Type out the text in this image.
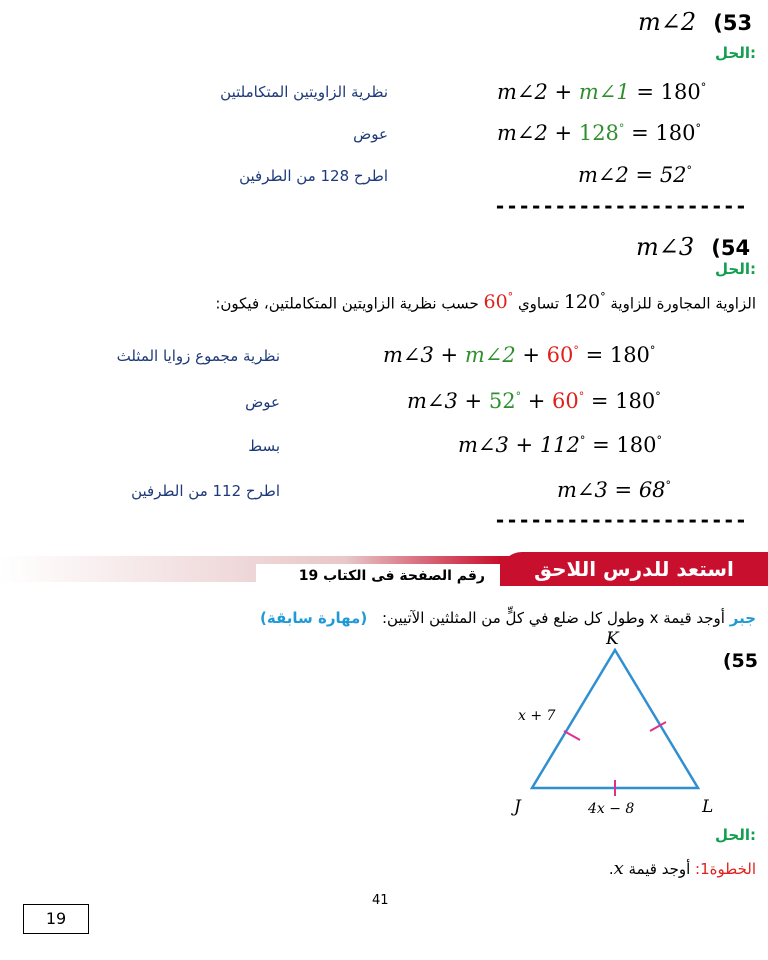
m∠2 (53
الحل:
نظرية الزاويتين المتكاملتين	m∠2 + m∠1 = 180°
عوض	m∠2 + 128° = 180°
اطرح 128 من الطرفين	m∠2 = 52°
---------------------
m∠3 (54
الحل:
الزاوية المجاورة للزاوية °120 تساوي °60 حسب نظرية الزاويتين المتكاملتين، فيكون:
نظرية مجموع زوايا المثلث	m∠3 + m∠2 + 60° = 180°
عوض	m∠3 + 52° + 60° = 180°
بسط	m∠3 + 112° = 180°
اطرح 112 من الطرفين	m∠3 = 68°
---------------------
استعد للدرس اللاحق
رقم الصفحة فى الكتاب 19
جبر أوجد قيمة x وطول كل ضلع في كلٍّ من المثلثين الآتيين: (مهارة سابقة)
(55
K
J	L
x + 7
4x − 8
الحل:
الخطوة1: أوجد قيمة x.
41
19
